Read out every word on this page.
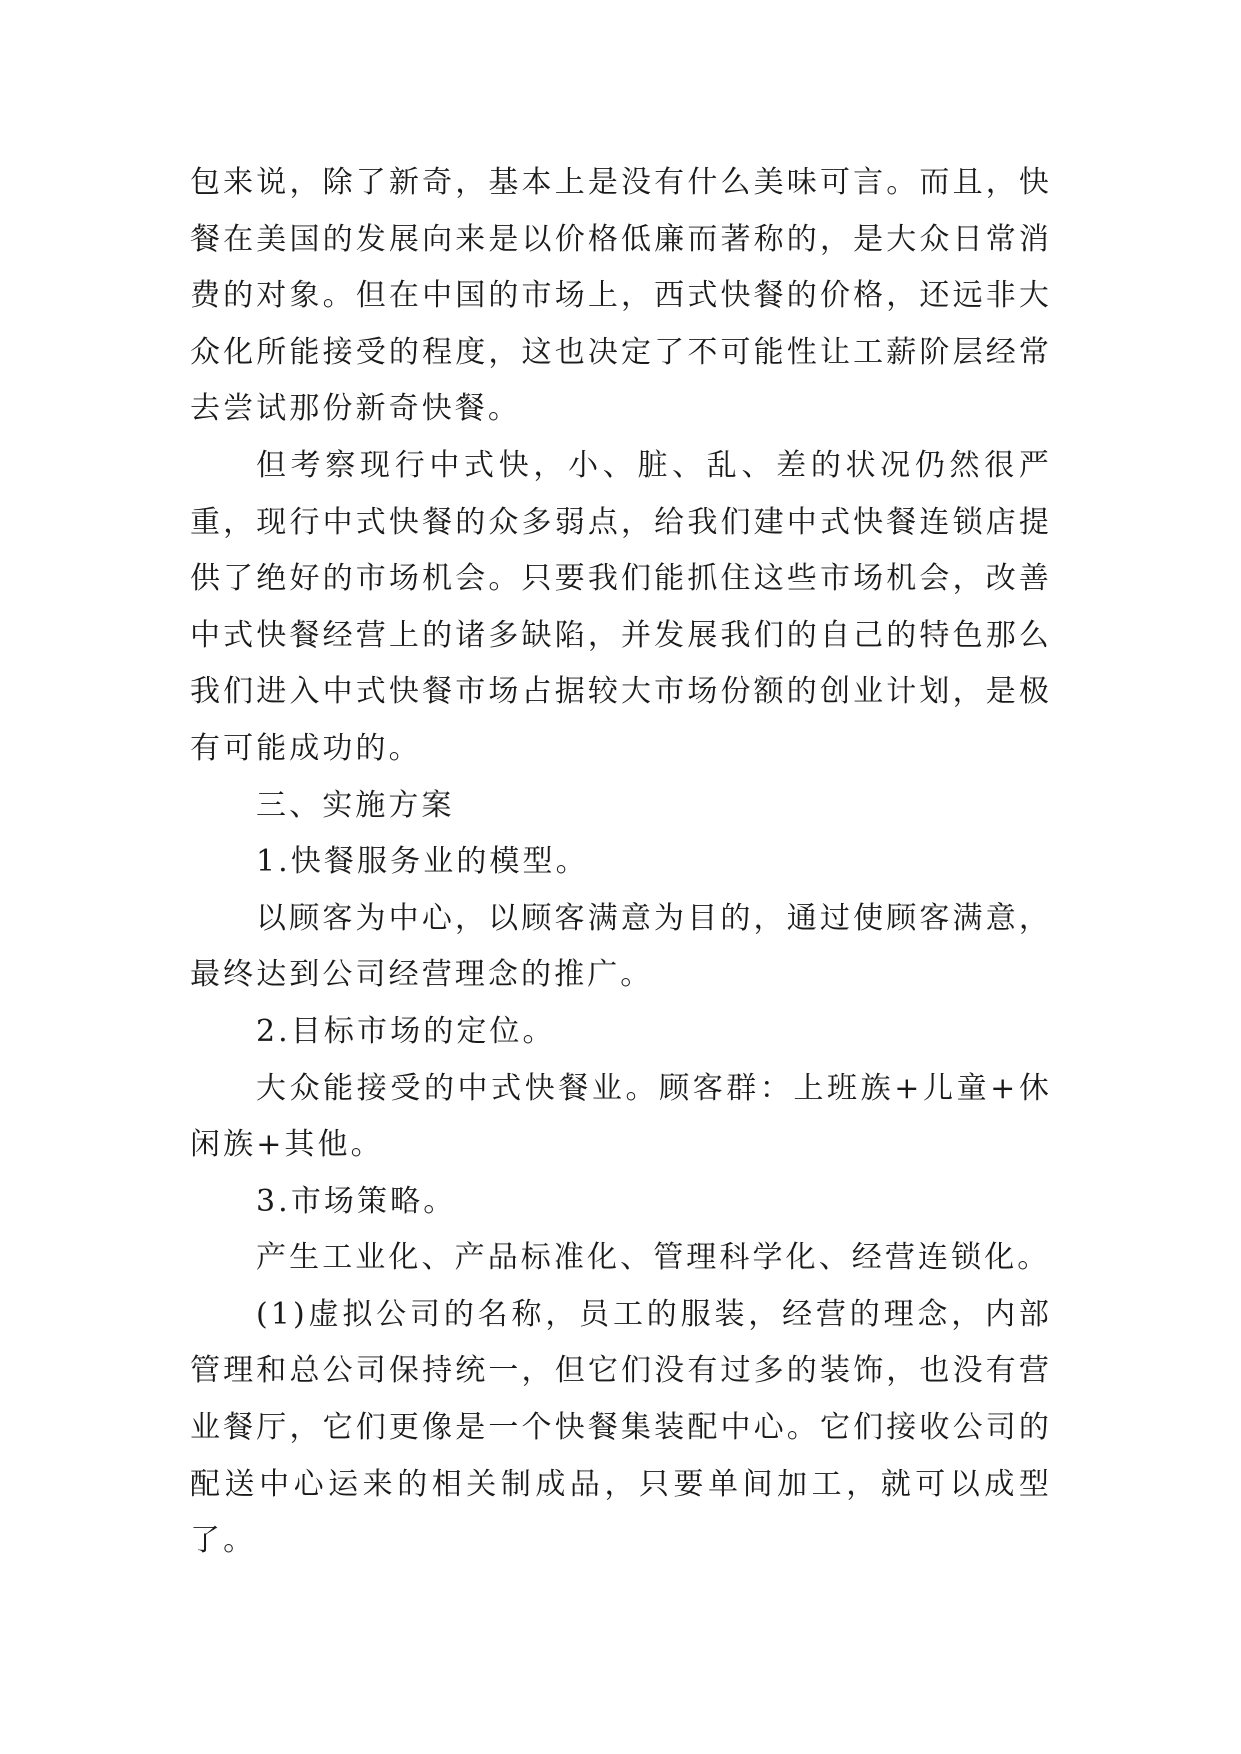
包来说，除了新奇，基本上是没有什么美味可言。而且，快餐在美国的发展向来是以价格低廉而著称的，是大众日常消费的对象。但在中国的市场上，西式快餐的价格，还远非大众化所能接受的程度，这也决定了不可能性让工薪阶层经常去尝试那份新奇快餐。

但考察现行中式快，小、脏、乱、差的状况仍然很严重，现行中式快餐的众多弱点，给我们建中式快餐连锁店提供了绝好的市场机会。只要我们能抓住这些市场机会，改善中式快餐经营上的诸多缺陷，并发展我们的自己的特色那么我们进入中式快餐市场占据较大市场份额的创业计划，是极有可能成功的。

三、实施方案

1.快餐服务业的模型。

以顾客为中心，以顾客满意为目的，通过使顾客满意，最终达到公司经营理念的推广。

2.目标市场的定位。

大众能接受的中式快餐业。顾客群：上班族+儿童+休闲族+其他。

3.市场策略。

产生工业化、产品标准化、管理科学化、经营连锁化。

(1)虚拟公司的名称，员工的服装，经营的理念，内部管理和总公司保持统一，但它们没有过多的装饰，也没有营业餐厅，它们更像是一个快餐集装配中心。它们接收公司的配送中心运来的相关制成品，只要单间加工，就可以成型了。
